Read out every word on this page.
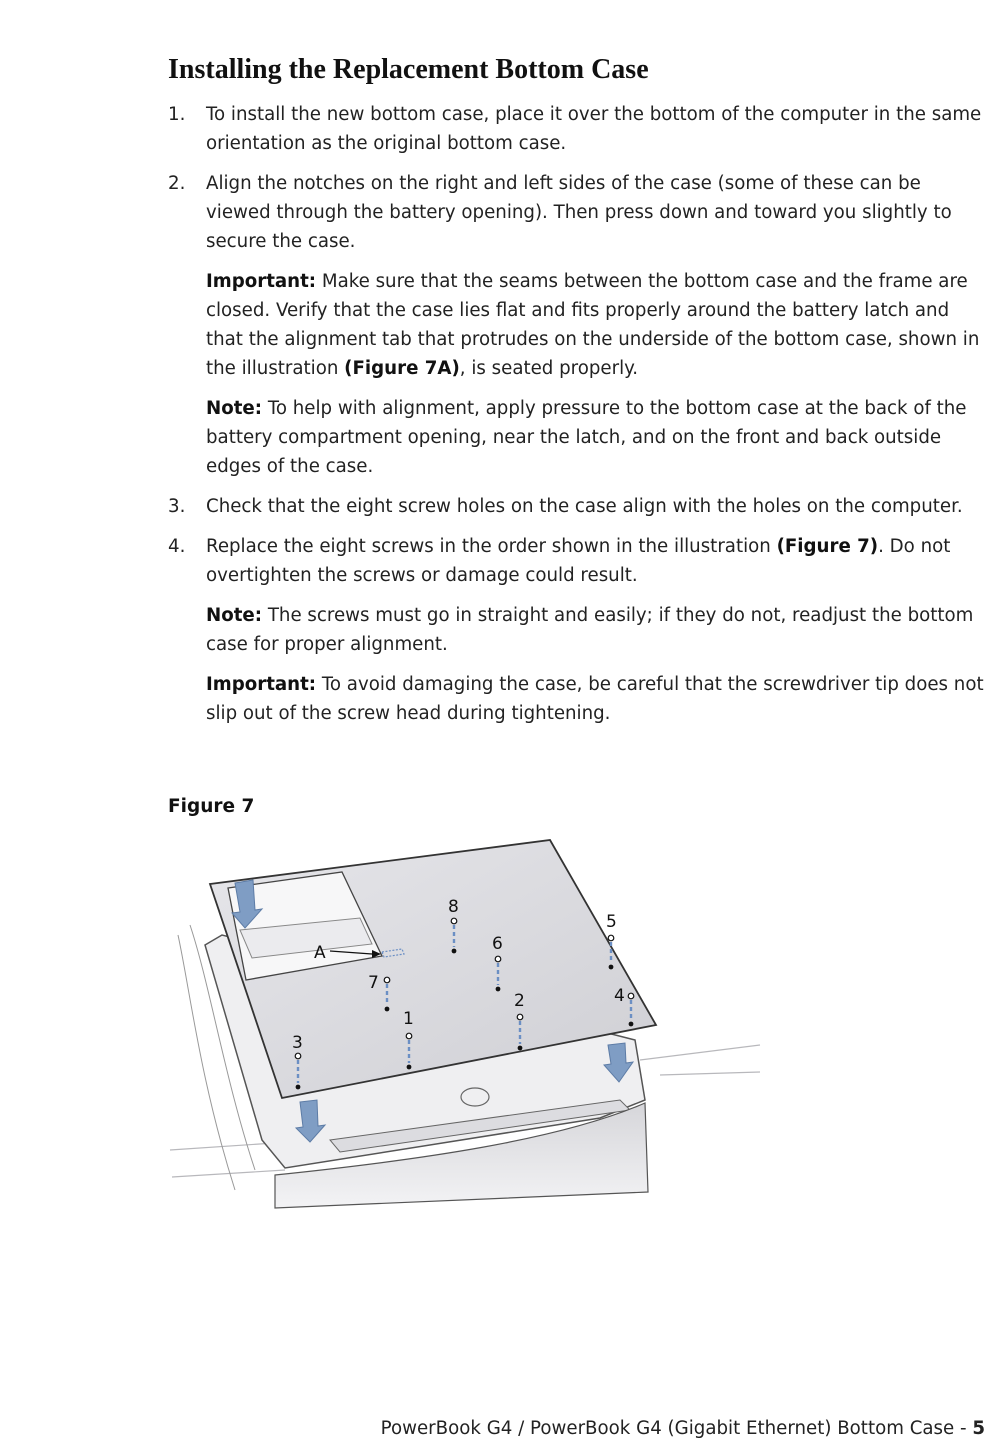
Installing the Replacement Bottom Case
1. To install the new bottom case, place it over the bottom of the computer in the same orientation as the original bottom case.
2. Align the notches on the right and left sides of the case (some of these can be viewed through the battery opening). Then press down and toward you slightly to secure the case.
Important: Make sure that the seams between the bottom case and the frame are closed. Verify that the case lies flat and fits properly around the battery latch and that the alignment tab that protrudes on the underside of the bottom case, shown in the illustration (Figure 7A), is seated properly.
Note: To help with alignment, apply pressure to the bottom case at the back of the battery compartment opening, near the latch, and on the front and back outside edges of the case.
3. Check that the eight screw holes on the case align with the holes on the computer.
4. Replace the eight screws in the order shown in the illustration (Figure 7). Do not overtighten the screws or damage could result.
Note: The screws must go in straight and easily; if they do not, readjust the bottom case for proper alignment.
Important: To avoid damaging the case, be careful that the screwdriver tip does not slip out of the screw head during tightening.
Figure 7
A
1
2
3
4
5
6
7
8
PowerBook G4 / PowerBook G4 (Gigabit Ethernet) Bottom Case - 5
